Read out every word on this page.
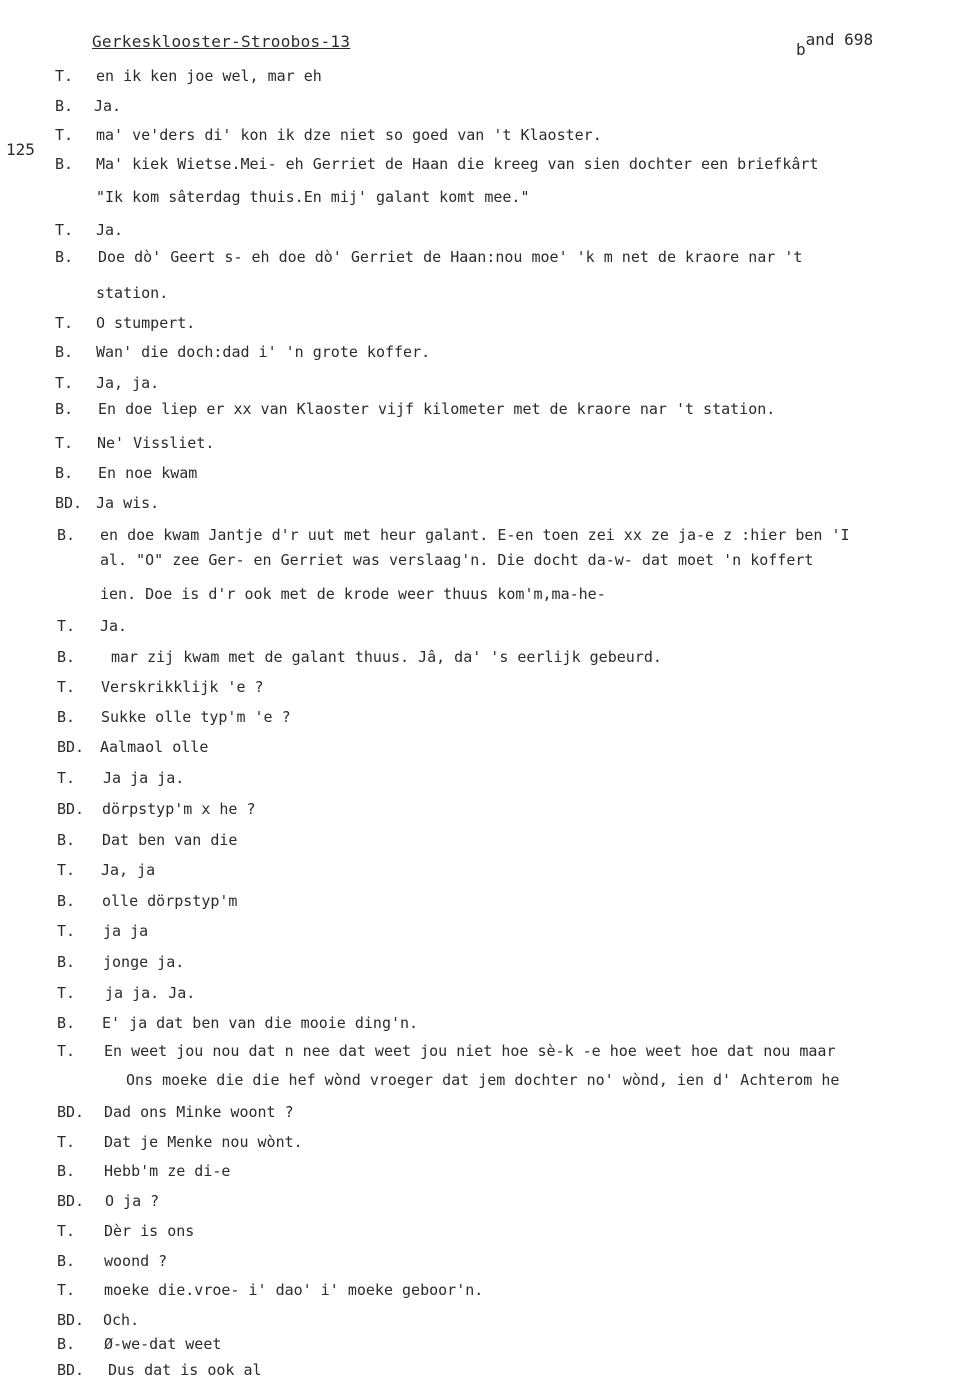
Gerkesklooster-Stroobos-13	band 698
125
T. en ik ken joe wel, mar eh
B. Ja.
T. ma' ve'ders di' kon ik dze niet so goed van 't Klaoster.
B. Ma' kiek Wietse.Mei- eh Gerriet de Haan die kreeg van sien dochter een briefkârt
"Ik kom sâterdag thuis.En mij' galant komt mee."
T. Ja.
B. Doe dò' Geert s- eh doe dò' Gerriet de Haan:nou moe' 'k m net de kraore nar 't
station.
T. O stumpert.
B. Wan' die doch:dad i' 'n grote koffer.
T. Ja, ja.
B. En doe liep er xx van Klaoster vijf kilometer met de kraore nar 't station.
T. Ne' Vissliet.
B. En noe kwam
BD. Ja wis.
B. en doe kwam Jantje d'r uut met heur galant. E-en toen zei xx ze ja-e z :hier ben 'I
al. "O" zee Ger- en Gerriet was verslaag'n. Die docht da-w- dat moet 'n koffert
ien. Doe is d'r ook met de krode weer thuus kom'm,ma-he-
T. Ja.
B. mar zij kwam met de galant thuus. Jâ, da' 's eerlijk gebeurd.
T. Verskrikklijk 'e ?
B. Sukke olle typ'm 'e ?
BD. Aalmaol olle
T. Ja ja ja.
BD. dörpstyp'm x he ?
B. Dat ben van die
T. Ja, ja
B. olle dörpstyp'm
T. ja ja
B. jonge ja.
T. ja ja. Ja.
B. E' ja dat ben van die mooie ding'n.
T. En weet jou nou dat n nee dat weet jou niet hoe sè-k -e hoe weet hoe dat nou maar
Ons moeke die die hef wònd vroeger dat jem dochter no' wònd, ien d' Achterom he
BD. Dad ons Minke woont ?
T. Dat je Menke nou wònt.
B. Hebb'm ze di-e
BD. O ja ?
T. Dèr is ons
B. woond ?
T. moeke die.vroe- i' dao' i' moeke geboor'n.
BD. Och.
B. Ø-we-dat weet
BD. Dus dat is ook al
